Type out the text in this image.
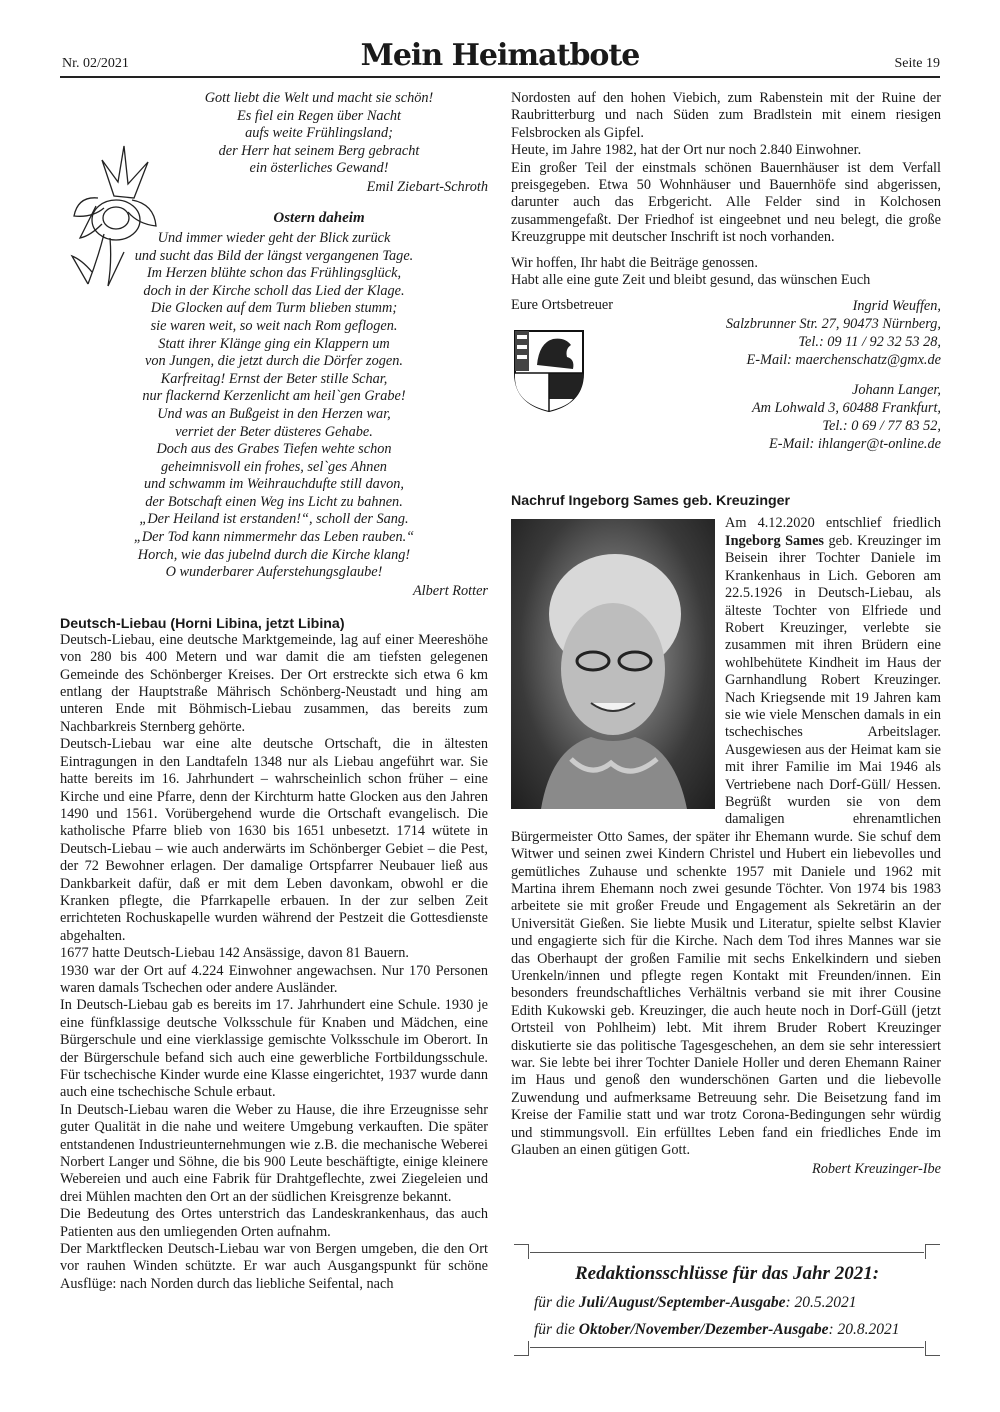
Nr. 02/2021	Mein Heimatbote	Seite 19
Gott liebt die Welt und macht sie schön!
Es fiel ein Regen über Nacht
aufs weite Frühlingsland;
der Herr hat seinem Berg gebracht
ein österliches Gewand!
Emil Ziebart-Schroth
Ostern daheim
Und immer wieder geht der Blick zurück
und sucht das Bild der längst vergangenen Tage.
Im Herzen blühte schon das Frühlingsglück,
doch in der Kirche scholl das Lied der Klage.
Die Glocken auf dem Turm blieben stumm;
sie waren weit, so weit nach Rom geflogen.
Statt ihrer Klänge ging ein Klappern um
von Jungen, die jetzt durch die Dörfer zogen.
Karfreitag! Ernst der Beter stille Schar,
nur flackernd Kerzenlicht am heil`gen Grabe!
Und was an Bußgeist in den Herzen war,
verriet der Beter düsteres Gehabe.
Doch aus des Grabes Tiefen wehte schon
geheimnisvoll ein frohes, sel`ges Ahnen
und schwamm im Weihrauchdufte still davon,
der Botschaft einen Weg ins Licht zu bahnen.
„Der Heiland ist erstanden!“, scholl der Sang.
„Der Tod kann nimmermehr das Leben rauben.“
Horch, wie das jubelnd durch die Kirche klang!
O wunderbarer Auferstehungsglaube!
Albert Rotter
Deutsch-Liebau (Horni Libina, jetzt Libina)

Deutsch-Liebau, eine deutsche Marktgemeinde, lag auf einer Meereshöhe von 280 bis 400 Metern und war damit die am tiefsten gelegenen Gemeinde des Schönberger Kreises. Der Ort erstreckte sich etwa 6 km entlang der Hauptstraße Mährisch Schönberg-Neustadt und hing am unteren Ende mit Böhmisch-Liebau zusammen, das bereits zum Nachbarkreis Sternberg gehörte.

Deutsch-Liebau war eine alte deutsche Ortschaft, die in ältesten Eintragungen in den Landtafeln 1348 nur als Liebau angeführt war. Sie hatte bereits im 16. Jahrhundert – wahrscheinlich schon früher – eine Kirche und eine Pfarre, denn der Kirchturm hatte Glocken aus den Jahren 1490 und 1561. Vorübergehend wurde die Ortschaft evangelisch. Die katholische Pfarre blieb von 1630 bis 1651 unbesetzt. 1714 wütete in Deutsch-Liebau – wie auch anderwärts im Schönberger Gebiet – die Pest, der 72 Bewohner erlagen. Der damalige Ortspfarrer Neubauer ließ aus Dankbarkeit dafür, daß er mit dem Leben davonkam, obwohl er die Kranken pflegte, die Pfarrkapelle erbauen. In der zur selben Zeit errichteten Rochuskapelle wurden während der Pestzeit die Gottesdienste abgehalten.

1677 hatte Deutsch-Liebau 142 Ansässige, davon 81 Bauern.

1930 war der Ort auf 4.224 Einwohner angewachsen. Nur 170 Personen waren damals Tschechen oder andere Ausländer.

In Deutsch-Liebau gab es bereits im 17. Jahrhundert eine Schule. 1930 je eine fünfklassige deutsche Volksschule für Knaben und Mädchen, eine Bürgerschule und eine vierklassige gemischte Volksschule im Oberort. In der Bürgerschule befand sich auch eine gewerbliche Fortbildungsschule. Für tschechische Kinder wurde eine Klasse eingerichtet, 1937 wurde dann auch eine tschechische Schule erbaut.

In Deutsch-Liebau waren die Weber zu Hause, die ihre Erzeugnisse sehr guter Qualität in die nahe und weitere Umgebung verkauften. Die später entstandenen Industrieunternehmungen wie z.B. die mechanische Weberei Norbert Langer und Söhne, die bis 900 Leute beschäftigte, einige kleinere Webereien und auch eine Fabrik für Drahtgeflechte, zwei Ziegeleien und drei Mühlen machten den Ort an der südlichen Kreisgrenze bekannt.

Die Bedeutung des Ortes unterstrich das Landeskrankenhaus, das auch Patienten aus den umliegenden Orten aufnahm.

Der Marktflecken Deutsch-Liebau war von Bergen umgeben, die den Ort vor rauhen Winden schützte. Er war auch Ausgangspunkt für schöne Ausflüge: nach Norden durch das liebliche Seifental, nach

Nordosten auf den hohen Viebich, zum Rabenstein mit der Ruine der Raubritterburg und nach Süden zum Bradlstein mit einem riesigen Felsbrocken als Gipfel.

Heute, im Jahre 1982, hat der Ort nur noch 2.840 Einwohner.

Ein großer Teil der einstmals schönen Bauernhäuser ist dem Verfall preisgegeben. Etwa 50 Wohnhäuser und Bauernhöfe sind abgerissen, darunter auch das Erbgericht. Alle Felder sind in Kolchosen zusammengefaßt. Der Friedhof ist eingeebnet und neu belegt, die große Kreuzgruppe mit deutscher Inschrift ist noch vorhanden.

Wir hoffen, Ihr habt die Beiträge genossen.

Habt alle eine gute Zeit und bleibt gesund, das wünschen Euch

Eure Ortsbetreuer	Ingrid Weuffen,
Salzbrunner Str. 27, 90473 Nürnberg,
Tel.: 09 11 / 92 32 53 28,
E-Mail: maerchenschatz@gmx.de
Johann Langer,
Am Lohwald 3, 60488 Frankfurt,
Tel.: 0 69 / 77 83 52,
E-Mail: ihlanger@t-online.de
Nachruf Ingeborg Sames geb. Kreuzinger

Am 4.12.2020 entschlief friedlich Ingeborg Sames geb. Kreuzinger im Beisein ihrer Tochter Daniele im Krankenhaus in Lich. Geboren am 22.5.1926 in Deutsch-Liebau, als älteste Tochter von Elfriede und Robert Kreuzinger, verlebte sie zusammen mit ihren Brüdern eine wohlbehütete Kindheit im Haus der Garnhandlung Robert Kreuzinger. Nach Kriegsende mit 19 Jahren kam sie wie viele Menschen damals in ein tschechisches Arbeitslager. Ausgewiesen aus der Heimat kam sie mit ihrer Familie im Mai 1946 als Vertriebene nach Dorf-Güll/ Hessen. Begrüßt wurden sie von dem damaligen ehrenamtlichen Bürgermeister Otto Sames, der später ihr Ehemann wurde. Sie schuf dem Witwer und seinen zwei Kindern Christel und Hubert ein liebevolles und gemütliches Zuhause und schenkte 1957 mit Daniele und 1962 mit Martina ihrem Ehemann noch zwei gesunde Töchter. Von 1974 bis 1983 arbeitete sie mit großer Freude und Engagement als Sekretärin an der Universität Gießen. Sie liebte Musik und Literatur, spielte selbst Klavier und engagierte sich für die Kirche. Nach dem Tod ihres Mannes war sie das Oberhaupt der großen Familie mit sechs Enkelkindern und sieben Urenkeln/innen und pflegte regen Kontakt mit Freunden/innen. Ein besonders freundschaftliches Verhältnis verband sie mit ihrer Cousine Edith Kukowski geb. Kreuzinger, die auch heute noch in Dorf-Güll (jetzt Ortsteil von Pohlheim) lebt. Mit ihrem Bruder Robert Kreuzinger diskutierte sie das politische Tagesgeschehen, an dem sie sehr interessiert war. Sie lebte bei ihrer Tochter Daniele Holler und deren Ehemann Rainer im Haus und genoß den wunderschönen Garten und die liebevolle Zuwendung und aufmerksame Betreuung sehr. Die Beisetzung fand im Kreise der Familie statt und war trotz Corona-Bedingungen sehr würdig und stimmungsvoll. Ein erfülltes Leben fand ein friedliches Ende im Glauben an einen gütigen Gott.

Robert Kreuzinger-Ibe
Redaktionsschlüsse für das Jahr 2021:
für die Juli/August/September-Ausgabe: 20.5.2021
für die Oktober/November/Dezember-Ausgabe: 20.8.2021
